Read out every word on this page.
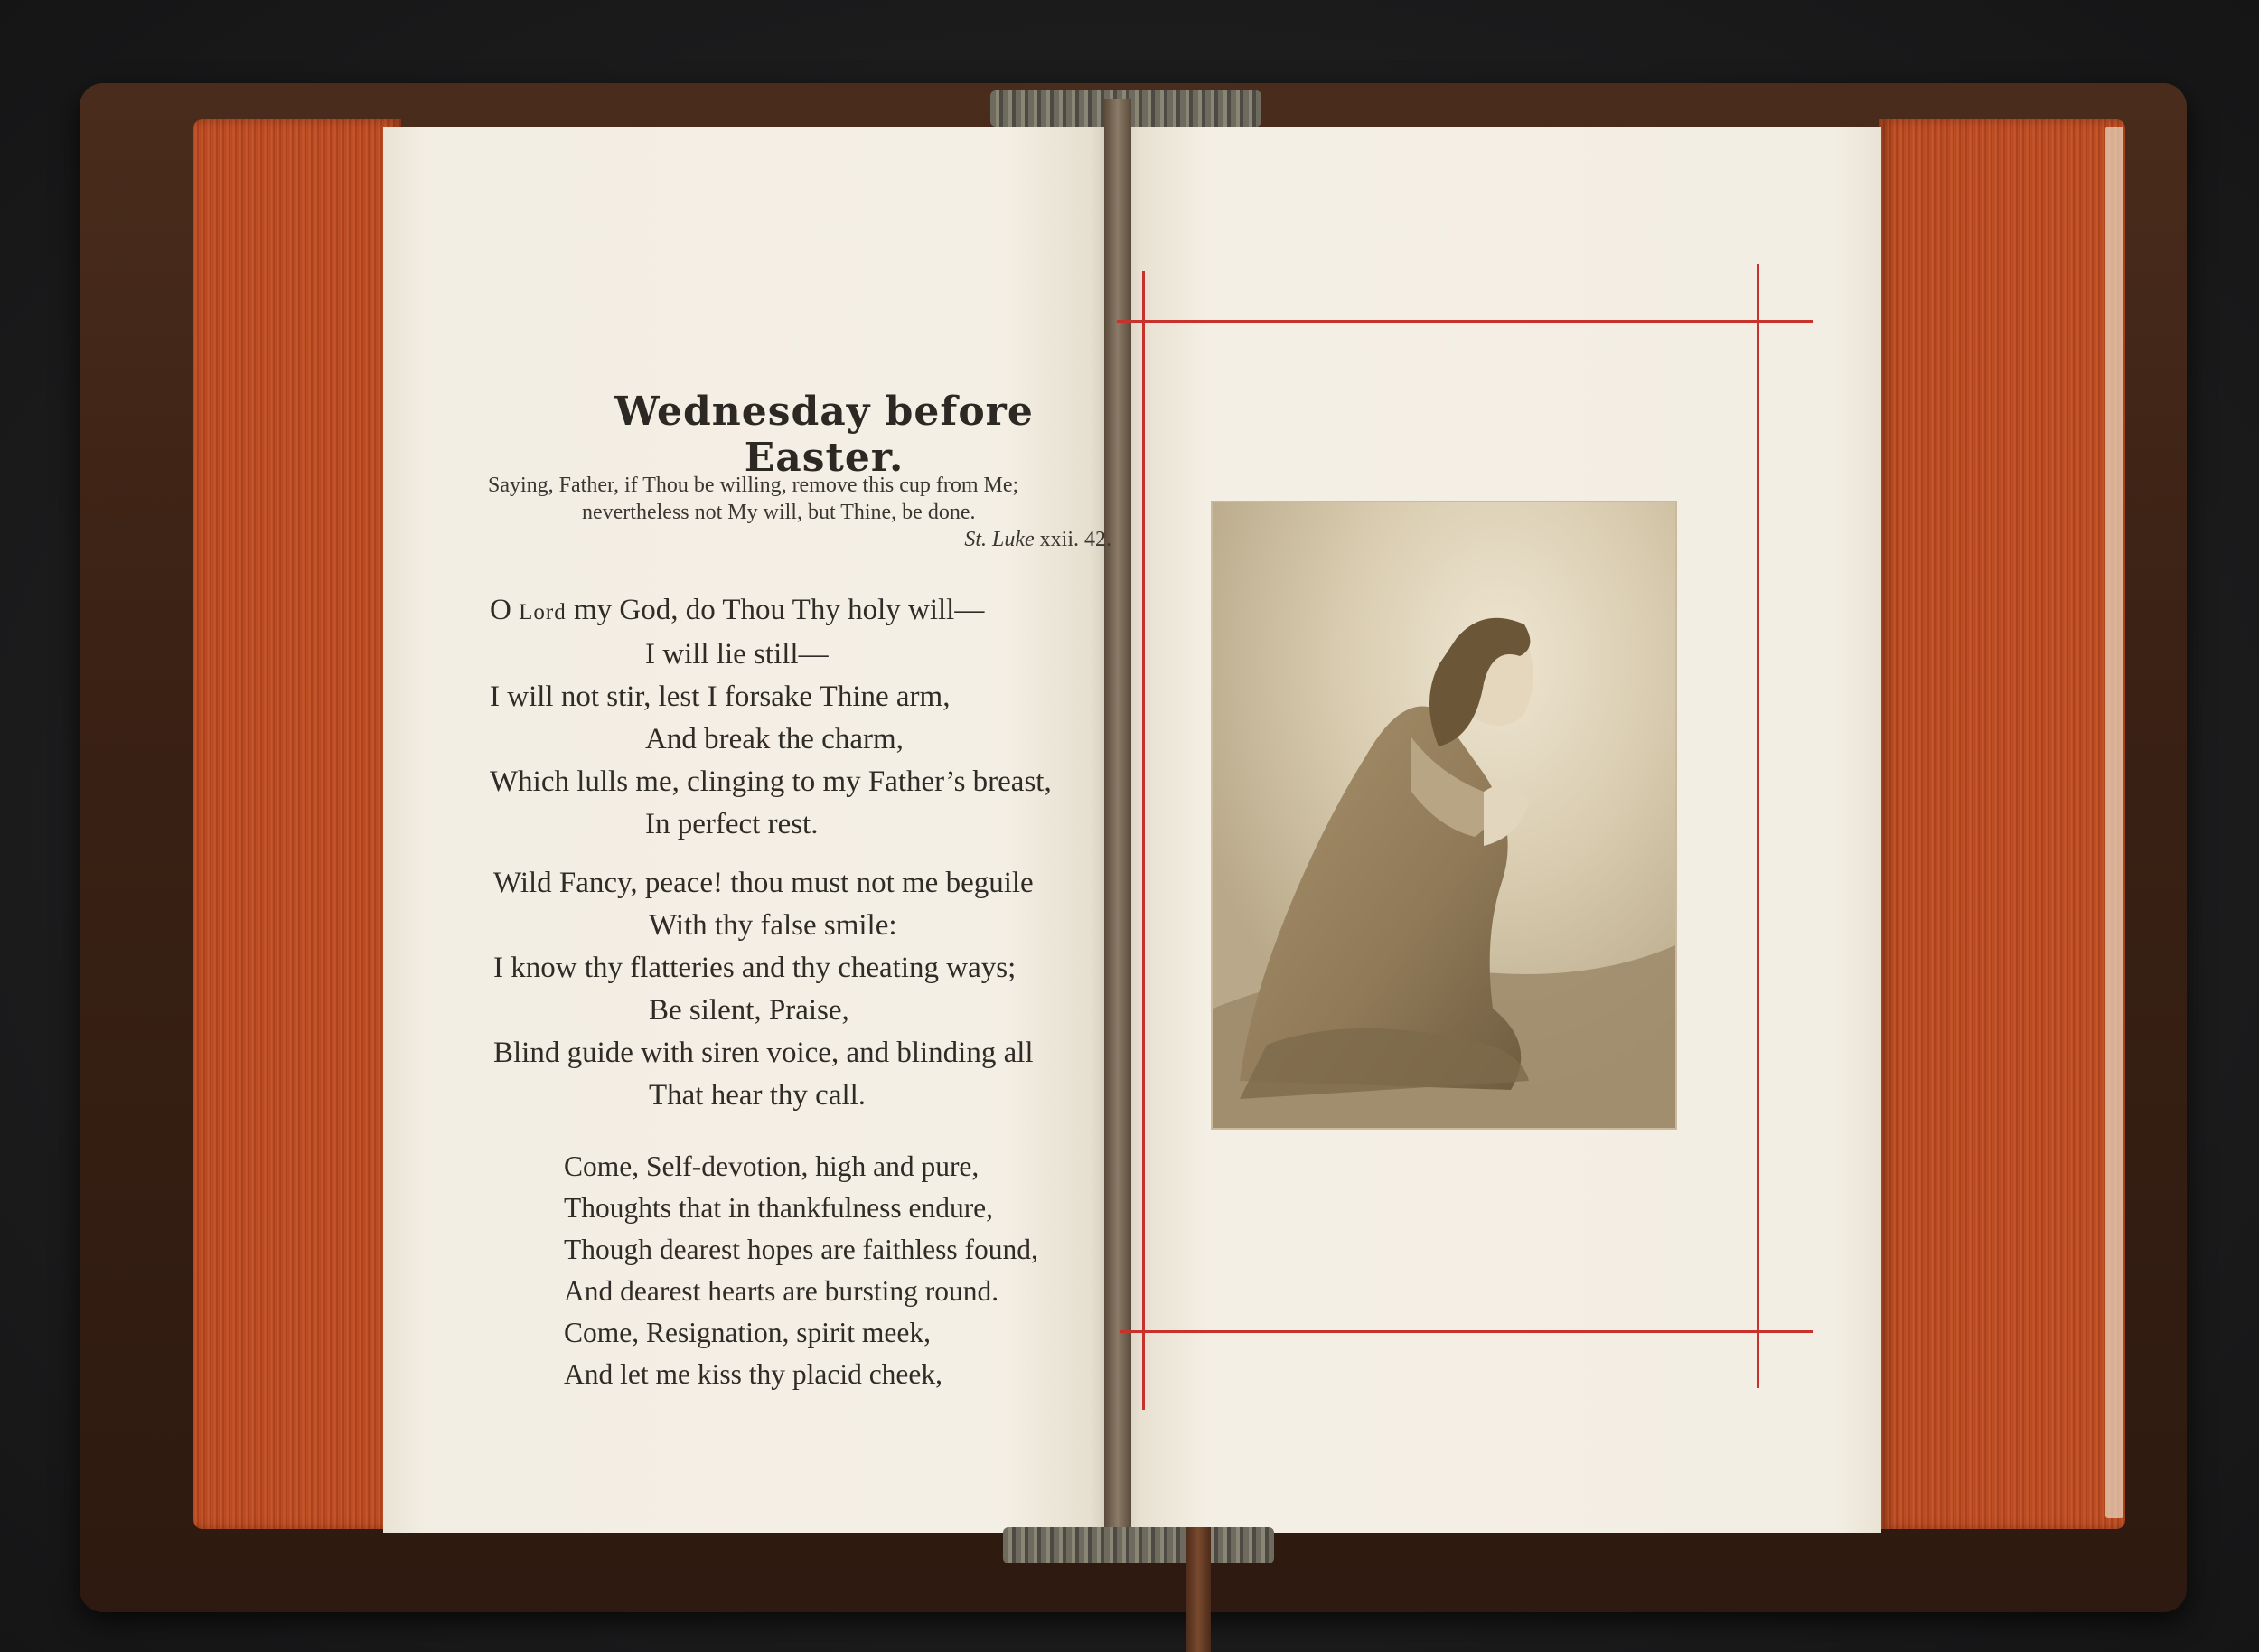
Wednesday before Easter.
Saying, Father, if Thou be willing, remove this cup from Me;
nevertheless not My will, but Thine, be done.
St. Luke xxii. 42.
O Lord my God, do Thou Thy holy will—
I will lie still—
I will not stir, lest I forsake Thine arm,
And break the charm,
Which lulls me, clinging to my Father’s breast,
In perfect rest.
Wild Fancy, peace! thou must not me beguile
With thy false smile:
I know thy flatteries and thy cheating ways;
Be silent, Praise,
Blind guide with siren voice, and blinding all
That hear thy call.
Come, Self-devotion, high and pure,
Thoughts that in thankfulness endure,
Though dearest hopes are faithless found,
And dearest hearts are bursting round.
Come, Resignation, spirit meek,
And let me kiss thy placid cheek,
